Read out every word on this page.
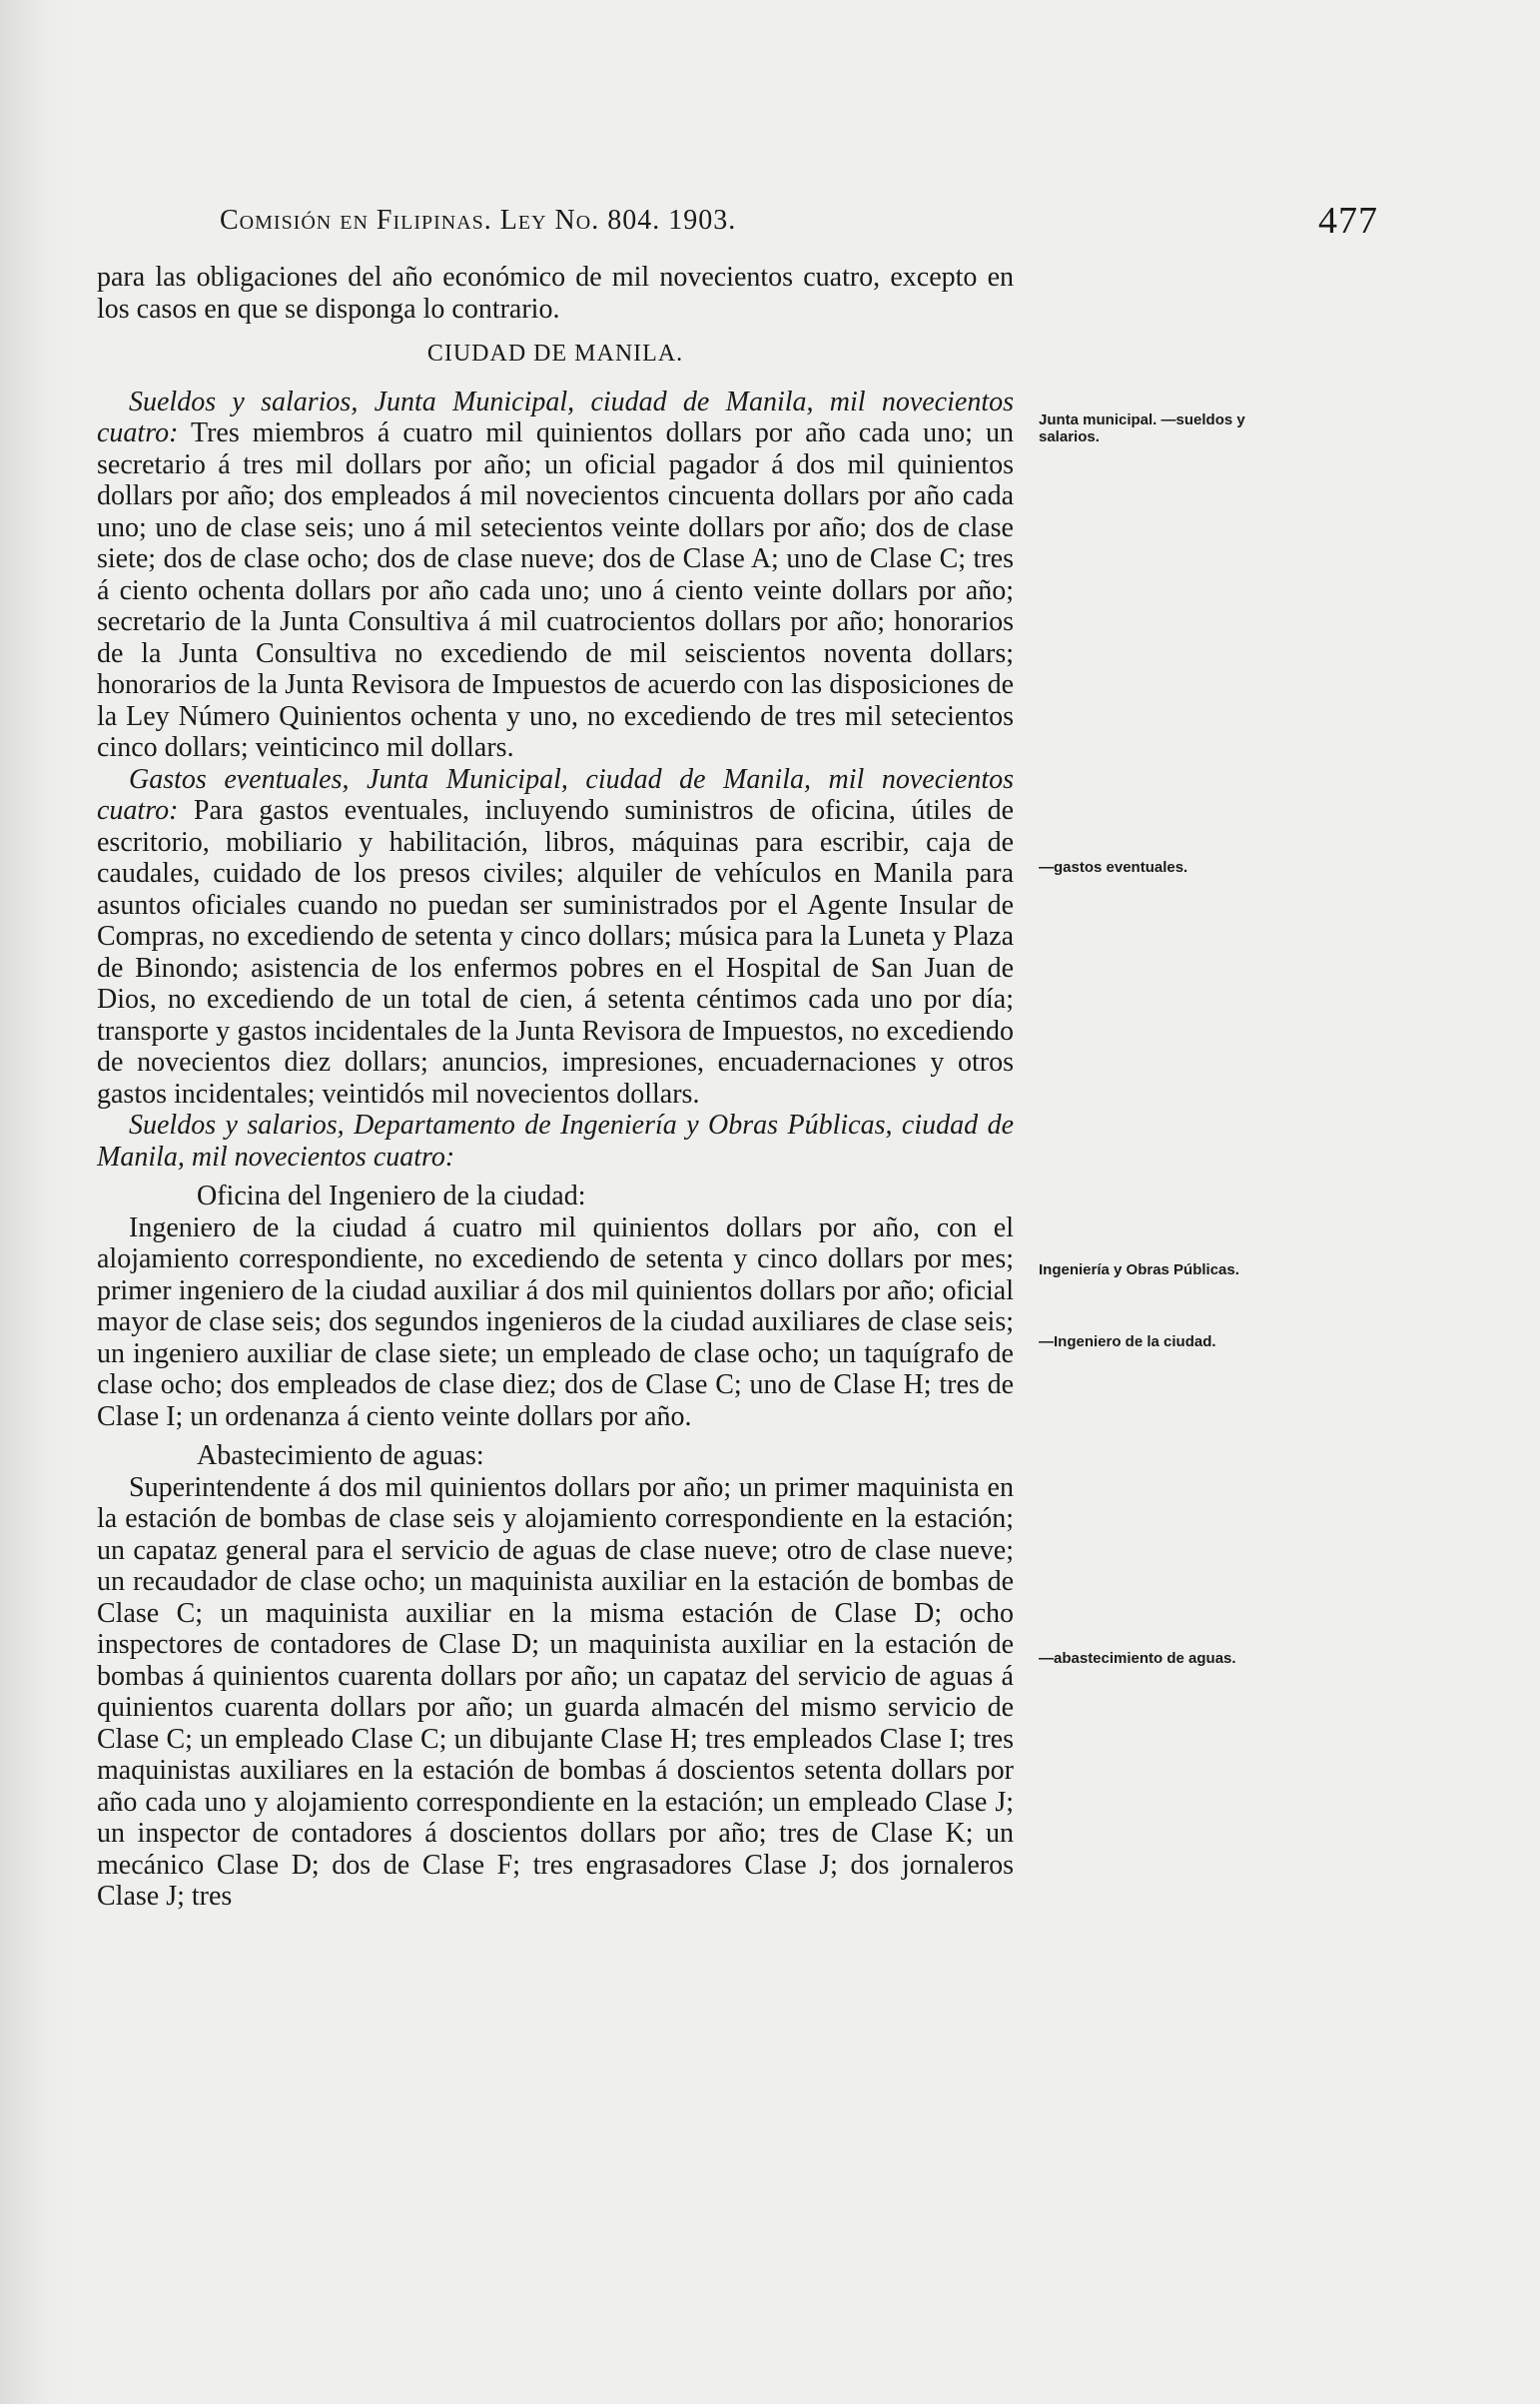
Comisión en Filipinas. Ley No. 804. 1903.	477

para las obligaciones del año económico de mil novecientos cuatro, excepto en los casos en que se disponga lo contrario.

CIUDAD DE MANILA.

Sueldos y salarios, Junta Municipal, ciudad de Manila, mil novecientos cuatro: Tres miembros á cuatro mil quinientos dollars por año cada uno; un secretario á tres mil dollars por año; un oficial pagador á dos mil quinientos dollars por año; dos empleados á mil novecientos cincuenta dollars por año cada uno; uno de clase seis; uno á mil setecientos veinte dollars por año; dos de clase siete; dos de clase ocho; dos de clase nueve; dos de Clase A; uno de Clase C; tres á ciento ochenta dollars por año cada uno; uno á ciento veinte dollars por año; secretario de la Junta Consultiva á mil cuatrocientos dollars por año; honorarios de la Junta Consultiva no excediendo de mil seiscientos noventa dollars; honorarios de la Junta Revisora de Impuestos de acuerdo con las disposiciones de la Ley Número Quinientos ochenta y uno, no excediendo de tres mil setecientos cinco dollars; veinticinco mil dollars.

Gastos eventuales, Junta Municipal, ciudad de Manila, mil novecientos cuatro: Para gastos eventuales, incluyendo suministros de oficina, útiles de escritorio, mobiliario y habilitación, libros, máquinas para escribir, caja de caudales, cuidado de los presos civiles; alquiler de vehículos en Manila para asuntos oficiales cuando no puedan ser suministrados por el Agente Insular de Compras, no excediendo de setenta y cinco dollars; música para la Luneta y Plaza de Binondo; asistencia de los enfermos pobres en el Hospital de San Juan de Dios, no excediendo de un total de cien, á setenta céntimos cada uno por día; transporte y gastos incidentales de la Junta Revisora de Impuestos, no excediendo de novecientos diez dollars; anuncios, impresiones, encuadernaciones y otros gastos incidentales; veintidós mil novecientos dollars.

Sueldos y salarios, Departamento de Ingeniería y Obras Públicas, ciudad de Manila, mil novecientos cuatro:

Oficina del Ingeniero de la ciudad:

Ingeniero de la ciudad á cuatro mil quinientos dollars por año, con el alojamiento correspondiente, no excediendo de setenta y cinco dollars por mes; primer ingeniero de la ciudad auxiliar á dos mil quinientos dollars por año; oficial mayor de clase seis; dos segundos ingenieros de la ciudad auxiliares de clase seis; un ingeniero auxiliar de clase siete; un empleado de clase ocho; un taquígrafo de clase ocho; dos empleados de clase diez; dos de Clase C; uno de Clase H; tres de Clase I; un ordenanza á ciento veinte dollars por año.

Abastecimiento de aguas:

Superintendente á dos mil quinientos dollars por año; un primer maquinista en la estación de bombas de clase seis y alojamiento correspondiente en la estación; un capataz general para el servicio de aguas de clase nueve; otro de clase nueve; un recaudador de clase ocho; un maquinista auxiliar en la estación de bombas de Clase C; un maquinista auxiliar en la misma estación de Clase D; ocho inspectores de contadores de Clase D; un maquinista auxiliar en la estación de bombas á quinientos cuarenta dollars por año; un capataz del servicio de aguas á quinientos cuarenta dollars por año; un guarda almacén del mismo servicio de Clase C; un empleado Clase C; un dibujante Clase H; tres empleados Clase I; tres maquinistas auxiliares en la estación de bombas á doscientos setenta dollars por año cada uno y alojamiento correspondiente en la estación; un empleado Clase J; un inspector de contadores á doscientos dollars por año; tres de Clase K; un mecánico Clase D; dos de Clase F; tres engrasadores Clase J; dos jornaleros Clase J; tres

Junta municipal. —sueldos y salarios.
—gastos eventuales.
Ingeniería y Obras Públicas.
—Ingeniero de la ciudad.
—abastecimiento de aguas.
